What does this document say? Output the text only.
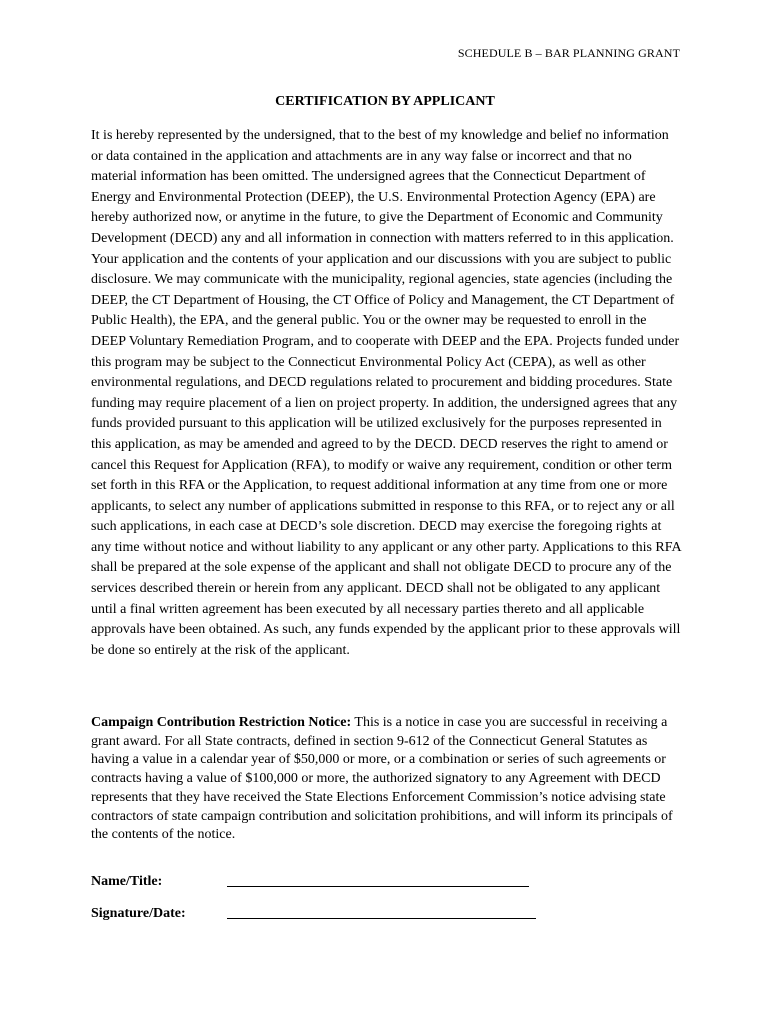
SCHEDULE B – BAR PLANNING GRANT
CERTIFICATION BY APPLICANT

It is hereby represented by the undersigned, that to the best of my knowledge and belief no information or data contained in the application and attachments are in any way false or incorrect and that no material information has been omitted. The undersigned agrees that the Connecticut Department of Energy and Environmental Protection (DEEP), the U.S. Environmental Protection Agency (EPA) are hereby authorized now, or anytime in the future, to give the Department of Economic and Community Development (DECD) any and all information in connection with matters referred to in this application. Your application and the contents of your application and our discussions with you are subject to public disclosure. We may communicate with the municipality, regional agencies, state agencies (including the DEEP, the CT Department of Housing, the CT Office of Policy and Management, the CT Department of Public Health), the EPA, and the general public. You or the owner may be requested to enroll in the DEEP Voluntary Remediation Program, and to cooperate with DEEP and the EPA. Projects funded under this program may be subject to the Connecticut Environmental Policy Act (CEPA), as well as other environmental regulations, and DECD regulations related to procurement and bidding procedures. State funding may require placement of a lien on project property. In addition, the undersigned agrees that any funds provided pursuant to this application will be utilized exclusively for the purposes represented in this application, as may be amended and agreed to by the DECD. DECD reserves the right to amend or cancel this Request for Application (RFA), to modify or waive any requirement, condition or other term set forth in this RFA or the Application, to request additional information at any time from one or more applicants, to select any number of applications submitted in response to this RFA, or to reject any or all such applications, in each case at DECD’s sole discretion. DECD may exercise the foregoing rights at any time without notice and without liability to any applicant or any other party. Applications to this RFA shall be prepared at the sole expense of the applicant and shall not obligate DECD to procure any of the services described therein or herein from any applicant. DECD shall not be obligated to any applicant until a final written agreement has been executed by all necessary parties thereto and all applicable approvals have been obtained. As such, any funds expended by the applicant prior to these approvals will be done so entirely at the risk of the applicant.

Campaign Contribution Restriction Notice: This is a notice in case you are successful in receiving a grant award. For all State contracts, defined in section 9-612 of the Connecticut General Statutes as having a value in a calendar year of $50,000 or more, or a combination or series of such agreements or contracts having a value of $100,000 or more, the authorized signatory to any Agreement with DECD represents that they have received the State Elections Enforcement Commission’s notice advising state contractors of state campaign contribution and solicitation prohibitions, and will inform its principals of the contents of the notice.

Name/Title:
Signature/Date:
